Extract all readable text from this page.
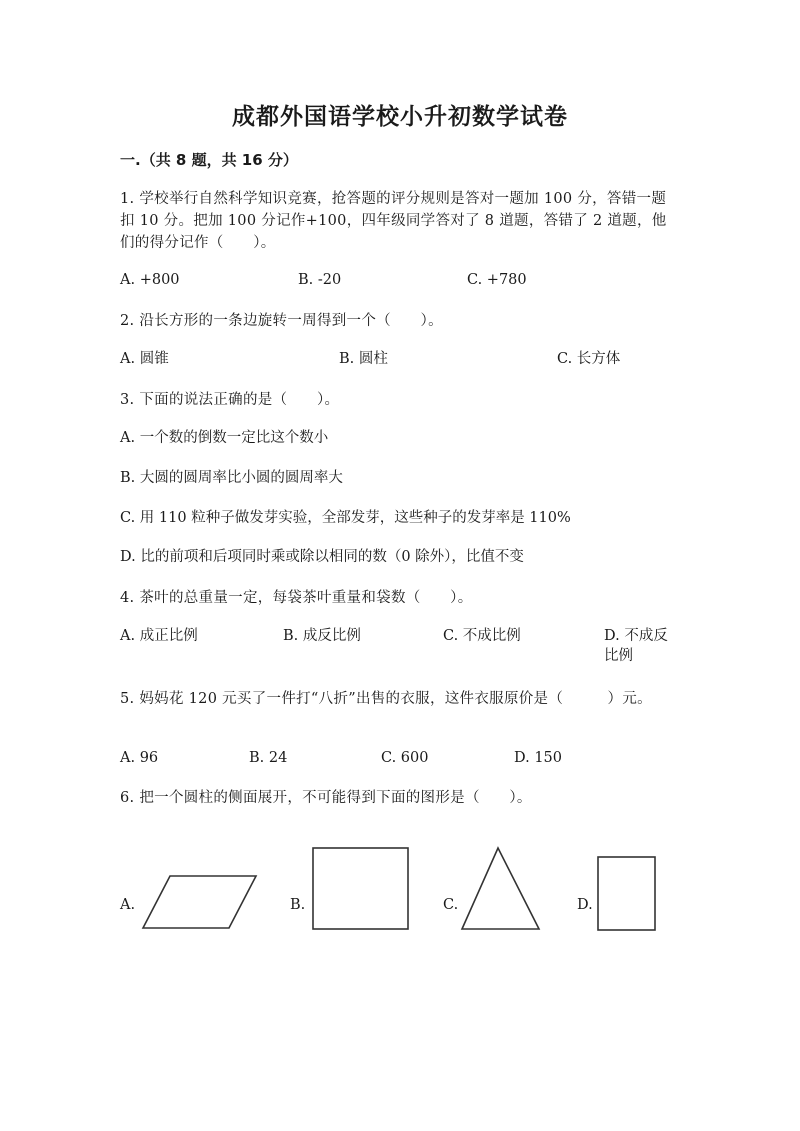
成都外国语学校小升初数学试卷
一.（共 8 题，共 16 分）
1. 学校举行自然科学知识竞赛，抢答题的评分规则是答对一题加 100 分，答错一题扣 10 分。把加 100 分记作+100，四年级同学答对了 8 道题，答错了 2 道题，他们的得分记作（　　）。
A. +800	B. -20	C. +780
2. 沿长方形的一条边旋转一周得到一个（　　）。
A. 圆锥	B. 圆柱	C. 长方体
3. 下面的说法正确的是（　　）。
A. 一个数的倒数一定比这个数小
B. 大圆的圆周率比小圆的圆周率大
C. 用 110 粒种子做发芽实验，全部发芽，这些种子的发芽率是 110%
D. 比的前项和后项同时乘或除以相同的数（0 除外），比值不变
4. 茶叶的总重量一定，每袋茶叶重量和袋数（　　）。
A. 成正比例	B. 成反比例	C. 不成比例	D. 不成反比例
5. 妈妈花 120 元买了一件打“八折”出售的衣服，这件衣服原价是（　　　）元。
A. 96	B. 24	C. 600	D. 150
6. 把一个圆柱的侧面展开，不可能得到下面的图形是（　　）。
A.	B.	C.	D.
